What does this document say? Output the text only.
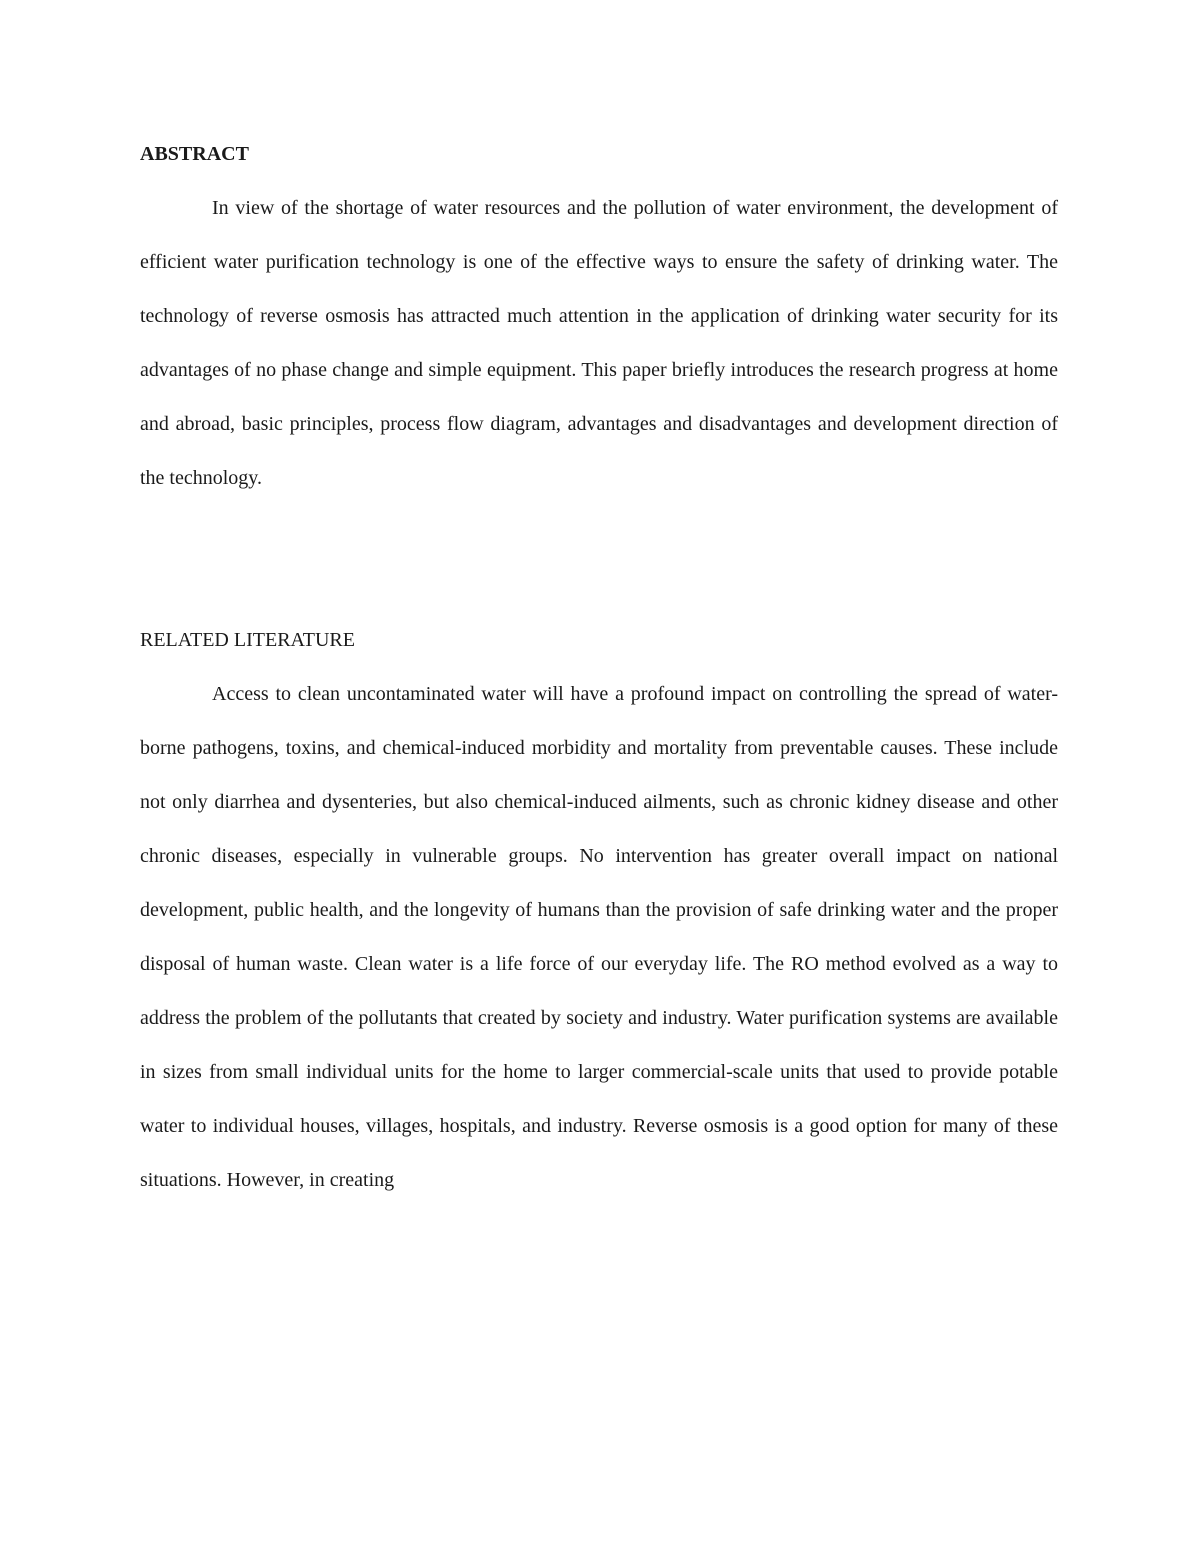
ABSTRACT

In view of the shortage of water resources and the pollution of water environment, the development of efficient water purification technology is one of the effective ways to ensure the safety of drinking water. The technology of reverse osmosis has attracted much attention in the application of drinking water security for its advantages of no phase change and simple equipment. This paper briefly introduces the research progress at home and abroad, basic principles, process flow diagram, advantages and disadvantages and development direction of the technology.

RELATED LITERATURE

Access to clean uncontaminated water will have a profound impact on controlling the spread of water-borne pathogens, toxins, and chemical-induced morbidity and mortality from preventable causes. These include not only diarrhea and dysenteries, but also chemical-induced ailments, such as chronic kidney disease and other chronic diseases, especially in vulnerable groups. No intervention has greater overall impact on national development, public health, and the longevity of humans than the provision of safe drinking water and the proper disposal of human waste. Clean water is a life force of our everyday life. The RO method evolved as a way to address the problem of the pollutants that created by society and industry. Water purification systems are available in sizes from small individual units for the home to larger commercial-scale units that used to provide potable water to individual houses, villages, hospitals, and industry. Reverse osmosis is a good option for many of these situations. However, in creating
